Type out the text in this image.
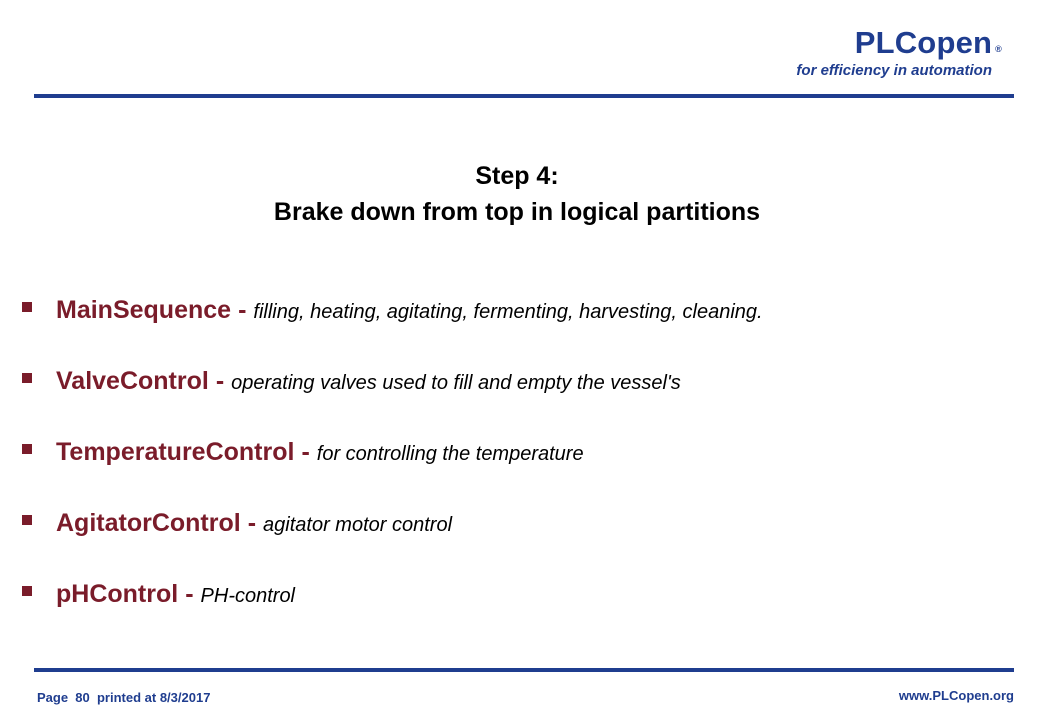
PLCopen ®
for efficiency in automation
Step 4:
Brake down from top in logical partitions
MainSequence - filling, heating, agitating, fermenting, harvesting, cleaning.
ValveControl - operating valves used to fill and empty the vessel's
TemperatureControl - for controlling the temperature
AgitatorControl - agitator motor control
pHControl - PH-control
Page  80  printed at 8/3/2017	www.PLCopen.org
